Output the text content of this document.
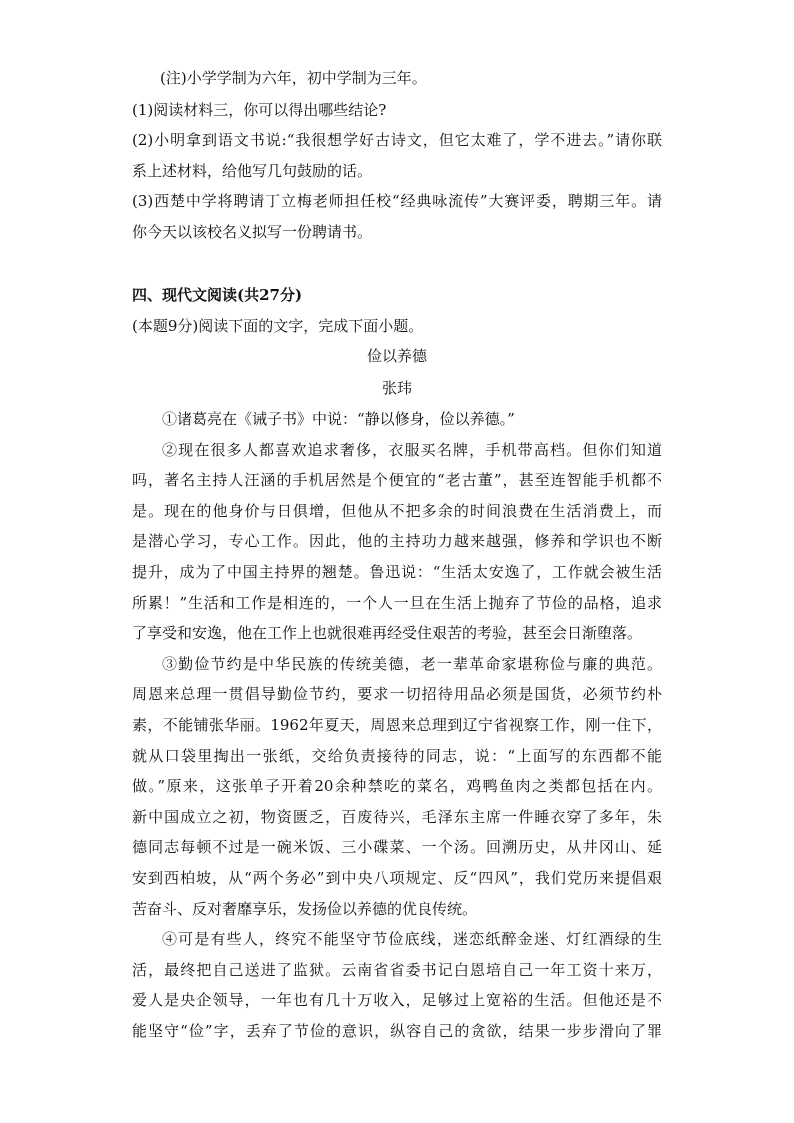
(注)小学学制为六年，初中学制为三年。
(1)阅读材料三，你可以得出哪些结论?
(2)小明拿到语文书说:“我很想学好古诗文，但它太难了，学不进去。”请你联
系上述材料，给他写几句鼓励的话。
(3)西楚中学将聘请丁立梅老师担任校“经典咏流传”大赛评委，聘期三年。请
你今天以该校名义拟写一份聘请书。
四、现代文阅读(共27分)
(本题9分)阅读下面的文字，完成下面小题。
俭以养德
张玮
①诸葛亮在《诫子书》中说：“静以修身，俭以养德。”
②现在很多人都喜欢追求奢侈，衣服买名牌，手机带高档。但你们知道
吗，著名主持人汪涵的手机居然是个便宜的“老古董”，甚至连智能手机都不
是。现在的他身价与日俱增，但他从不把多余的时间浪费在生活消费上，而
是潜心学习，专心工作。因此，他的主持功力越来越强，修养和学识也不断
提升，成为了中国主持界的翘楚。鲁迅说：“生活太安逸了，工作就会被生活
所累！”生活和工作是相连的，一个人一旦在生活上抛弃了节俭的品格，追求
了享受和安逸，他在工作上也就很难再经受住艰苦的考验，甚至会日渐堕落。
③勤俭节约是中华民族的传统美德，老一辈革命家堪称俭与廉的典范。
周恩来总理一贯倡导勤俭节约，要求一切招待用品必须是国货，必须节约朴
素，不能铺张华丽。1962年夏天，周恩来总理到辽宁省视察工作，刚一住下，
就从口袋里掏出一张纸，交给负责接待的同志，说：“上面写的东西都不能
做。”原来，这张单子开着20余种禁吃的菜名，鸡鸭鱼肉之类都包括在内。
新中国成立之初，物资匮乏，百废待兴，毛泽东主席一件睡衣穿了多年，朱
德同志每顿不过是一碗米饭、三小碟菜、一个汤。回溯历史，从井冈山、延
安到西柏坡，从“两个务必”到中央八项规定、反“四风”，我们党历来提倡艰
苦奋斗、反对奢靡享乐，发扬俭以养德的优良传统。
④可是有些人，终究不能坚守节俭底线，迷恋纸醉金迷、灯红酒绿的生
活，最终把自己送进了监狱。云南省省委书记白恩培自己一年工资十来万，
爱人是央企领导，一年也有几十万收入，足够过上宽裕的生活。但他还是不
能坚守“俭”字，丢弃了节俭的意识，纵容自己的贪欲，结果一步步滑向了罪
